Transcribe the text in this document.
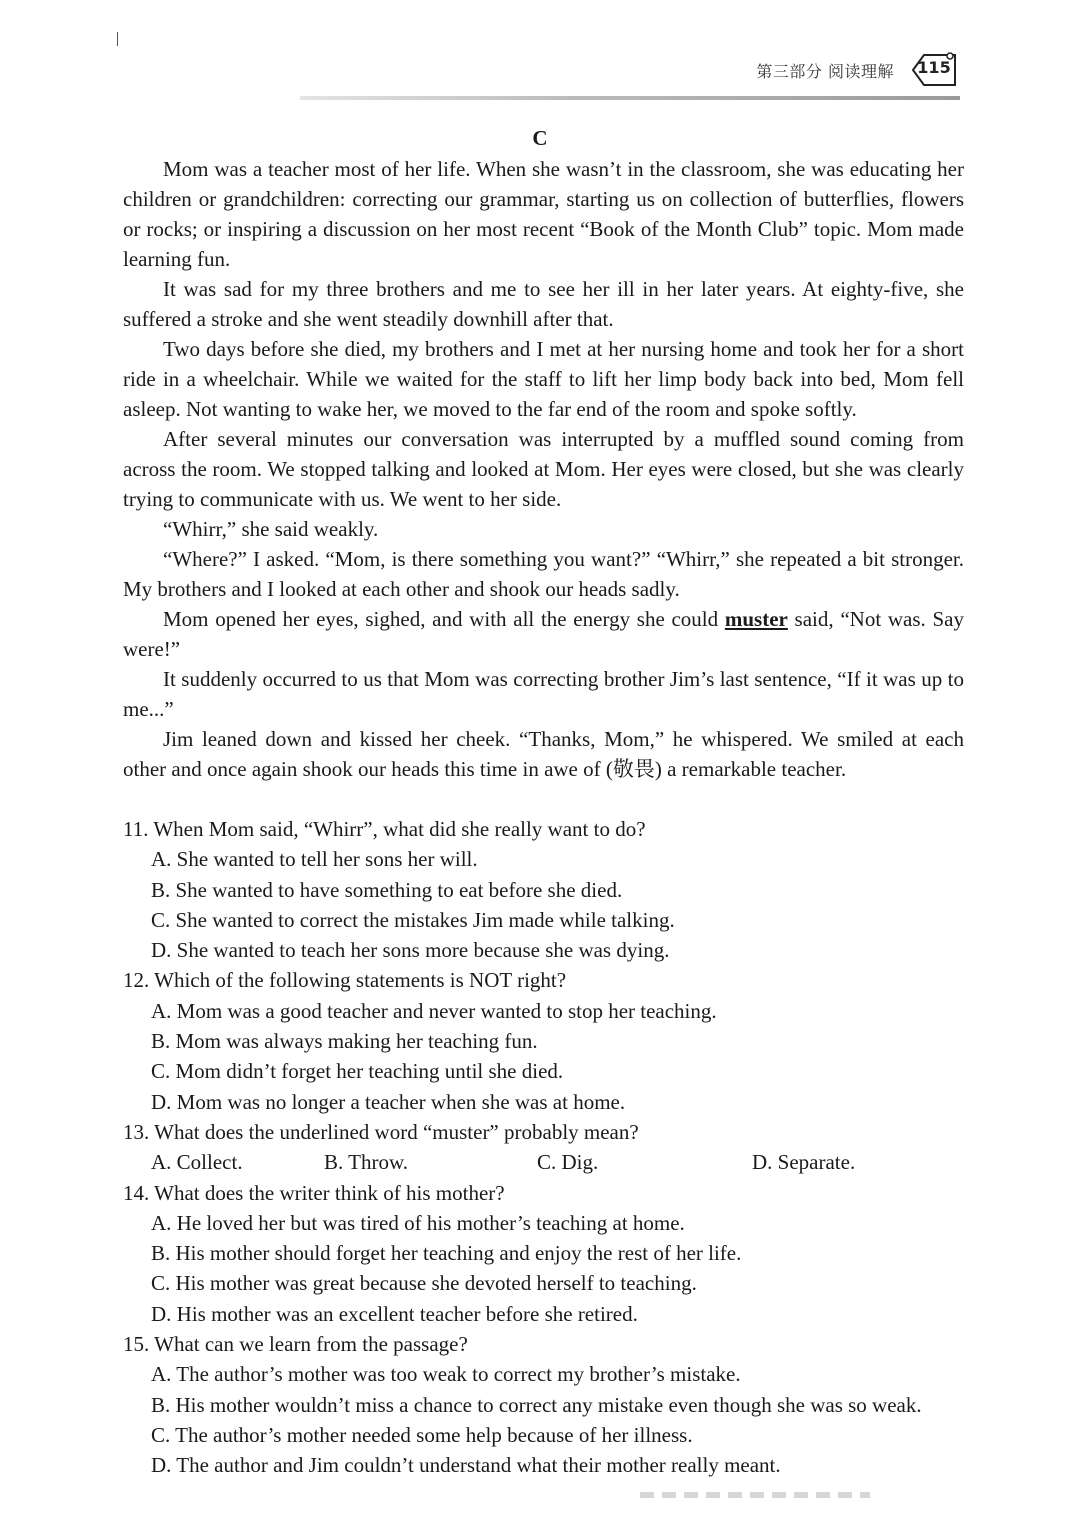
第三部分 阅读理解	115
C

Mom was a teacher most of her life. When she wasn’t in the classroom, she was educating her children or grandchildren: correcting our grammar, starting us on collection of butterflies, flowers or rocks; or inspiring a discussion on her most recent “Book of the Month Club” topic. Mom made learning fun.

It was sad for my three brothers and me to see her ill in her later years. At eighty-five, she suffered a stroke and she went steadily downhill after that.

Two days before she died, my brothers and I met at her nursing home and took her for a short ride in a wheelchair. While we waited for the staff to lift her limp body back into bed, Mom fell asleep. Not wanting to wake her, we moved to the far end of the room and spoke softly.

After several minutes our conversation was interrupted by a muffled sound coming from across the room. We stopped talking and looked at Mom. Her eyes were closed, but she was clearly trying to communicate with us. We went to her side.

“Whirr,” she said weakly.

“Where?” I asked. “Mom, is there something you want?” “Whirr,” she repeated a bit stronger. My brothers and I looked at each other and shook our heads sadly.

Mom opened her eyes, sighed, and with all the energy she could muster said, “Not was. Say were!”

It suddenly occurred to us that Mom was correcting brother Jim’s last sentence, “If it was up to me...”

Jim leaned down and kissed her cheek. “Thanks, Mom,” he whispered. We smiled at each other and once again shook our heads this time in awe of (敬畏) a remarkable teacher.

11. When Mom said, “Whirr”, what did she really want to do?

A. She wanted to tell her sons her will.

B. She wanted to have something to eat before she died.

C. She wanted to correct the mistakes Jim made while talking.

D. She wanted to teach her sons more because she was dying.

12. Which of the following statements is NOT right?

A. Mom was a good teacher and never wanted to stop her teaching.

B. Mom was always making her teaching fun.

C. Mom didn’t forget her teaching until she died.

D. Mom was no longer a teacher when she was at home.

13. What does the underlined word “muster” probably mean?

A. Collect.	B. Throw.	C. Dig.	D. Separate.

14. What does the writer think of his mother?

A. He loved her but was tired of his mother’s teaching at home.

B. His mother should forget her teaching and enjoy the rest of her life.

C. His mother was great because she devoted herself to teaching.

D. His mother was an excellent teacher before she retired.

15. What can we learn from the passage?

A. The author’s mother was too weak to correct my brother’s mistake.

B. His mother wouldn’t miss a chance to correct any mistake even though she was so weak.

C. The author’s mother needed some help because of her illness.

D. The author and Jim couldn’t understand what their mother really meant.
